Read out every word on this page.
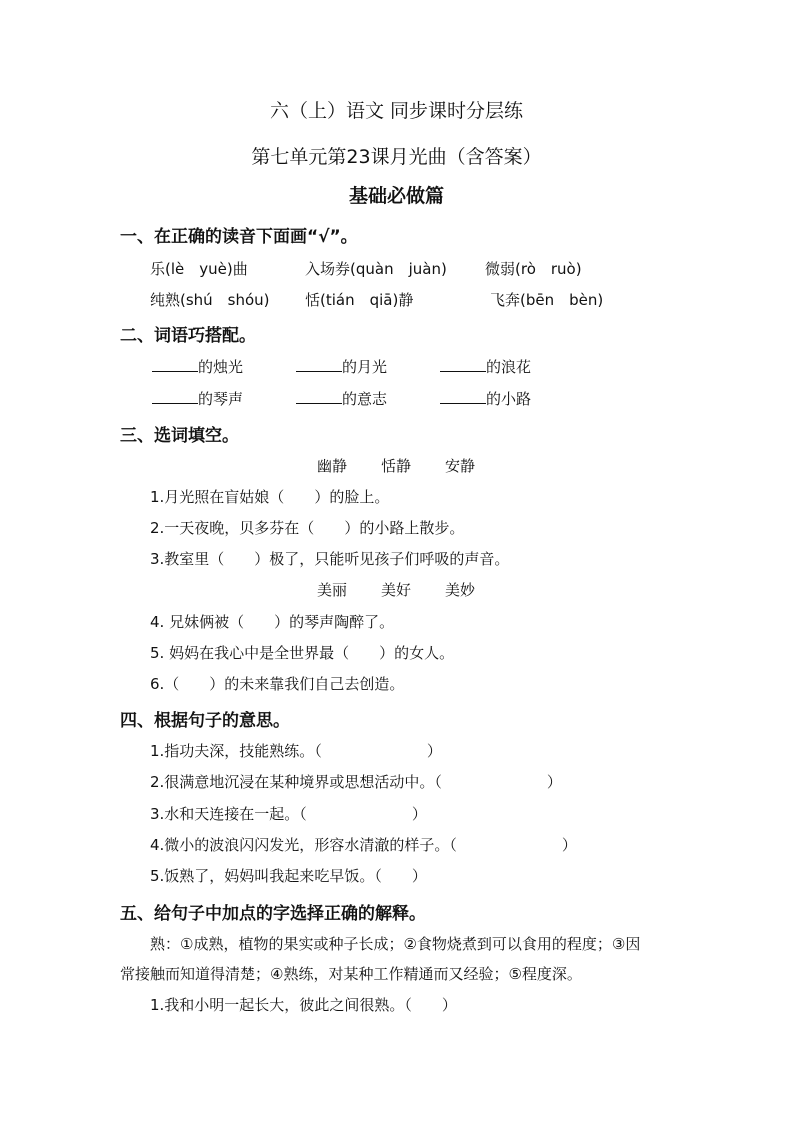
六（上）语文 同步课时分层练
第七单元第23课月光曲（含答案）
基础必做篇
一、在正确的读音下面画“√”。
乐(lè　yuè)曲	入场券(quàn　juàn)	微弱(rò　ruò)
纯熟(shú　shóu) 恬(tián　qiā)静	飞奔(bēn　bèn)
二、词语巧搭配。
的烛光	的月光	的浪花
的琴声	的意志	的小路
三、选词填空。
幽静 恬静 安静
1.月光照在盲姑娘（　　）的脸上。
2.一天夜晚，贝多芬在（　　）的小路上散步。
3.教室里（　　）极了，只能听见孩子们呼吸的声音。
美丽 美好 美妙
4. 兄妹俩被（　　）的琴声陶醉了。
5. 妈妈在我心中是全世界最（　　）的女人。
6.（　　）的未来靠我们自己去创造。
四、根据句子的意思。
1.指功夫深，技能熟练。（　　　　　　　）
2.很满意地沉浸在某种境界或思想活动中。（　　　　　　　）
3.水和天连接在一起。（　　　　　　　）
4.微小的波浪闪闪发光，形容水清澈的样子。（　　　　　　　）
5.饭熟了，妈妈叫我起来吃早饭。（　　）
五、给句子中加点的字选择正确的解释。
熟：①成熟，植物的果实或种子长成；②食物烧煮到可以食用的程度；③因
常接触而知道得清楚；④熟练，对某种工作精通而又经验；⑤程度深。
1.我和小明一起长大，彼此之间很熟。（　　）
